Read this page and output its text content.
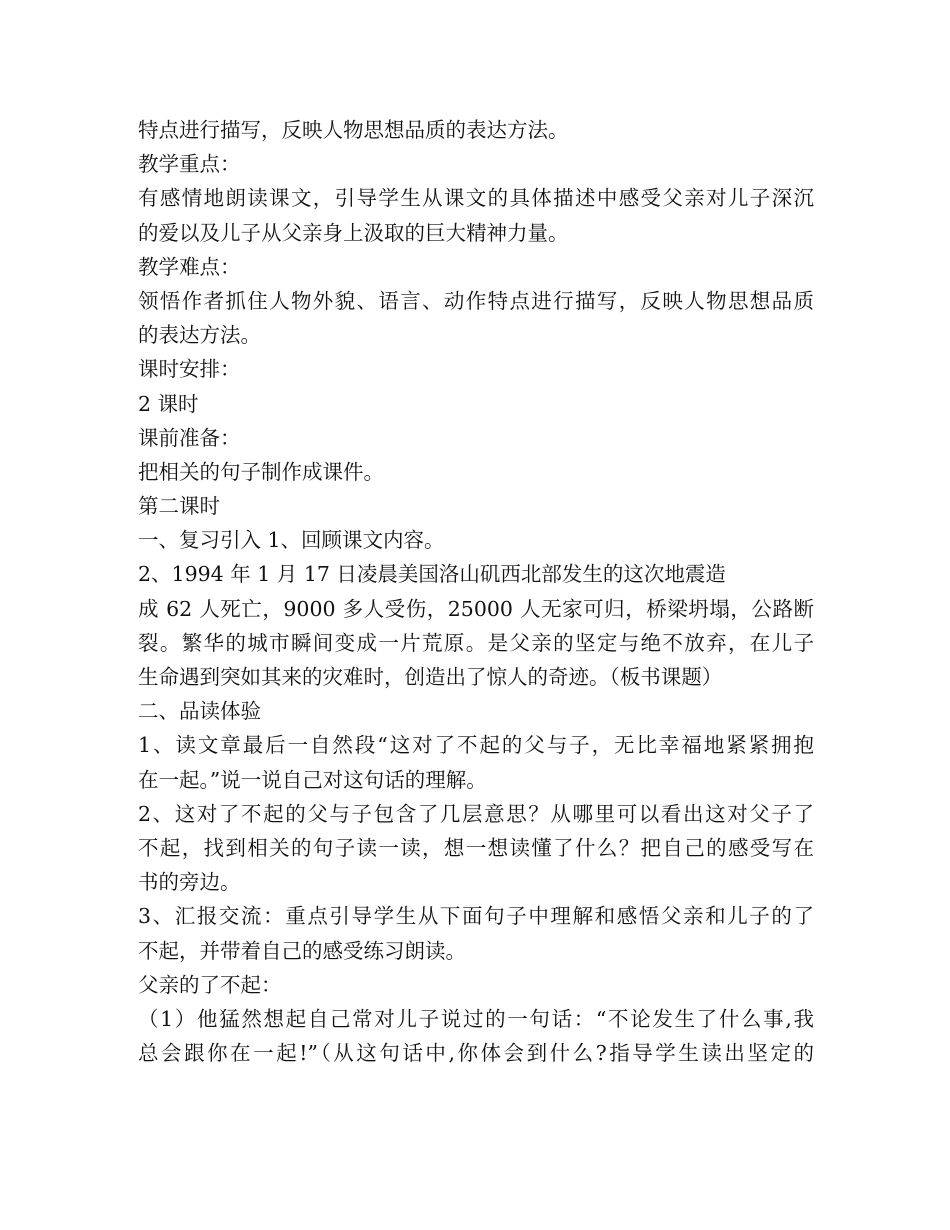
特点进行描写，反映人物思想品质的表达方法。
教学重点：
有感情地朗读课文，引导学生从课文的具体描述中感受父亲对儿子深沉
的爱以及儿子从父亲身上汲取的巨大精神力量。
教学难点：
领悟作者抓住人物外貌、语言、动作特点进行描写，反映人物思想品质
的表达方法。
课时安排：
2 课时
课前准备：
把相关的句子制作成课件。
第二课时
一、复习引入 1、回顾课文内容。
2、1994 年 1 月 17 日凌晨美国洛山矶西北部发生的这次地震造
成 62 人死亡，9000 多人受伤，25000 人无家可归，桥梁坍塌，公路断
裂。繁华的城市瞬间变成一片荒原。是父亲的坚定与绝不放弃，在儿子
生命遇到突如其来的灾难时，创造出了惊人的奇迹。（板书课题）
二、品读体验
1、读文章最后一自然段“这对了不起的父与子，无比幸福地紧紧拥抱
在一起。”说一说自己对这句话的理解。
2、这对了不起的父与子包含了几层意思？从哪里可以看出这对父子了
不起，找到相关的句子读一读，想一想读懂了什么？把自己的感受写在
书的旁边。
3、汇报交流：重点引导学生从下面句子中理解和感悟父亲和儿子的了
不起，并带着自己的感受练习朗读。
父亲的了不起：
（1）他猛然想起自己常对儿子说过的一句话：“不论发生了什么事,我
总会跟你在一起!”（从这句话中,你体会到什么?指导学生读出坚定的
